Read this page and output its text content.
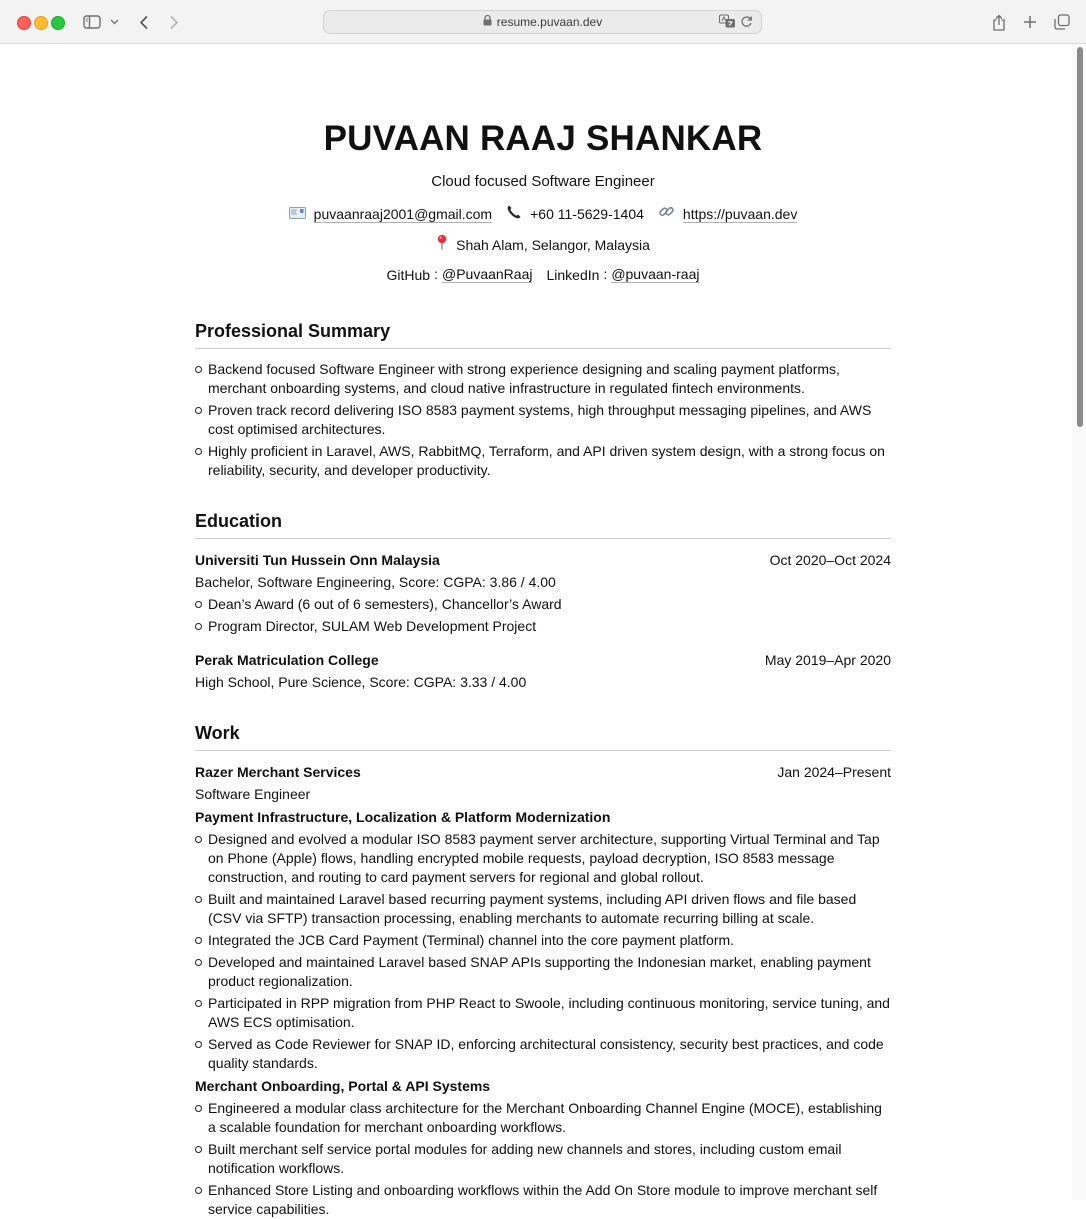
resume.puvaan.dev
PUVAAN RAAJ SHANKAR
Cloud focused Software Engineer
puvaanraaj2001@gmail.com	+60 11-5629-1404	https://puvaan.dev
Shah Alam, Selangor, Malaysia
GitHub : @PuvaanRaaj LinkedIn : @puvaan-raaj
Professional Summary
Backend focused Software Engineer with strong experience designing and scaling payment platforms, merchant onboarding systems, and cloud native infrastructure in regulated fintech environments.
Proven track record delivering ISO 8583 payment systems, high throughput messaging pipelines, and AWS cost optimised architectures.
Highly proficient in Laravel, AWS, RabbitMQ, Terraform, and API driven system design, with a strong focus on reliability, security, and developer productivity.
Education
Universiti Tun Hussein Onn Malaysia	Oct 2020–Oct 2024
Bachelor, Software Engineering, Score: CGPA: 3.86 / 4.00
Dean’s Award (6 out of 6 semesters), Chancellor’s Award
Program Director, SULAM Web Development Project
Perak Matriculation College	May 2019–Apr 2020
High School, Pure Science, Score: CGPA: 3.33 / 4.00
Work
Razer Merchant Services	Jan 2024–Present
Software Engineer
Payment Infrastructure, Localization & Platform Modernization
Designed and evolved a modular ISO 8583 payment server architecture, supporting Virtual Terminal and Tap on Phone (Apple) flows, handling encrypted mobile requests, payload decryption, ISO 8583 message construction, and routing to card payment servers for regional and global rollout.
Built and maintained Laravel based recurring payment systems, including API driven flows and file based (CSV via SFTP) transaction processing, enabling merchants to automate recurring billing at scale.
Integrated the JCB Card Payment (Terminal) channel into the core payment platform.
Developed and maintained Laravel based SNAP APIs supporting the Indonesian market, enabling payment product regionalization.
Participated in RPP migration from PHP React to Swoole, including continuous monitoring, service tuning, and AWS ECS optimisation.
Served as Code Reviewer for SNAP ID, enforcing architectural consistency, security best practices, and code quality standards.
Merchant Onboarding, Portal & API Systems
Engineered a modular class architecture for the Merchant Onboarding Channel Engine (MOCE), establishing a scalable foundation for merchant onboarding workflows.
Built merchant self service portal modules for adding new channels and stores, including custom email notification workflows.
Enhanced Store Listing and onboarding workflows within the Add On Store module to improve merchant self service capabilities.
